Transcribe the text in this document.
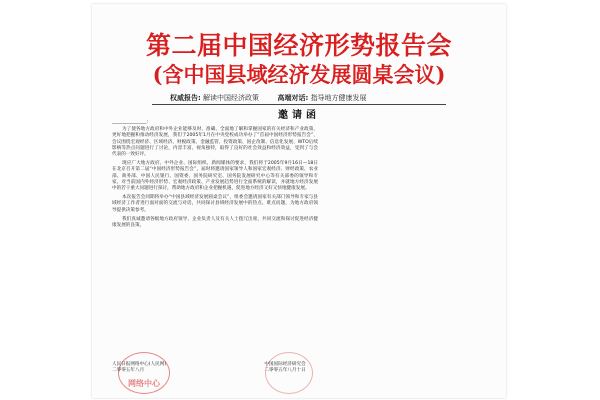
第二届中国经济形势报告会
(含中国县域经济发展圆桌会议)
权威报告: 解读中国经济政策	高端对话: 指导地方健康发展
邀请函

_______________:

为了使各地方政府和中外企业能够及时、准确、全面地了解和掌握国家的有关经济和产业政策，更好地把握和推动经济发展，我们于2005年1月在中央党校成功举办了“首届中国经济形势报告会”，会议围绕宏观经济、区域经济、财税政策、金融监管、投资政策、国企改制、信息化发展、WTO后续影响等热点问题进行了讨论，内容丰富，视角独特，取得了良好的社会效益和经济效益，受到了与会代表的一致好评。

现应广大地方政府、中外企业、国际组织、新闻媒体的要求，我们将于2005年9月16日—18日在北京召开第二届“中国经济形势报告会”，届时将邀请国家领导人和国家宏观经济、财经政策、农业部、商务部、中国人民银行、国资委、国务院研究室、国务院发展研究中心等有关部委的领导和专家，对当前国内外经济形势、宏观经济政策、产业发展趋势进行全面系统的解读，并就地方经济发展中的若干重大问题进行探讨，帮助地方政府和企业把握机遇，促进地方经济又好又快地健康发展。

本次报告会同期将举办“中国县域经济发展圆桌会议”，组委会邀请国家有关部门领导和专家与县域经济工作者进行面对面的交流与对话，共同探讨县域经济发展中的热点、难点问题，为地方政府领导提供决策参考。

我们真诚邀请各级地方政府领导、企业负责人及有关人士拨冗出席，共同交流和探讨促进经济健康发展的良策。

网络中心
人民日报网络中心(人民网)
二零零五年八月
中国国际经济研究会
二零零五年八月十日
